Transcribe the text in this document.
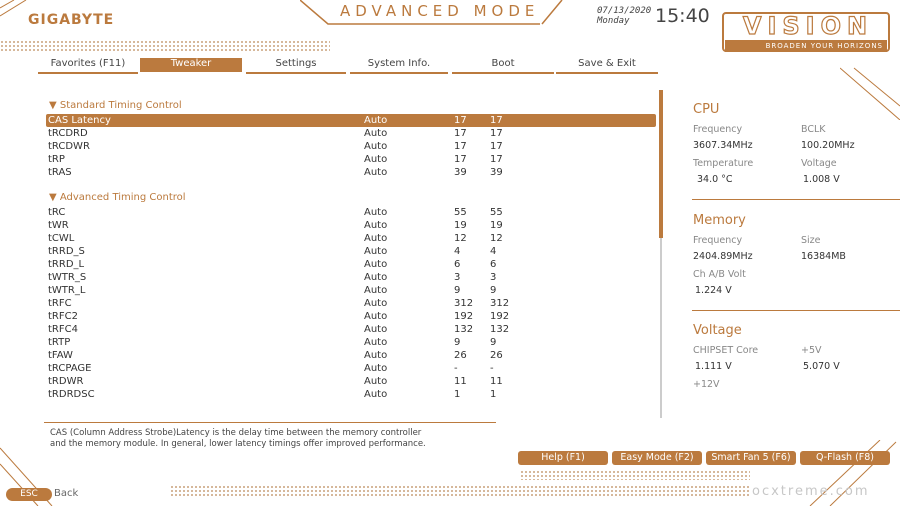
GIGABYTE	ADVANCED MODE	07/13/2020
Monday	15:40	VISION
BROADEN YOUR HORIZONS
Favorites (F11)	Tweaker	Settings	System Info.	Boot	Save & Exit
▼ Standard Timing Control
CAS Latency	Auto	17 17
tRCDRD	Auto	17 17
tRCDWR	Auto	17 17
tRP	Auto	17 17
tRAS	Auto	39 39
▼ Advanced Timing Control
tRC	Auto	55 55
tWR	Auto	19 19
tCWL	Auto	12 12
tRRD_S	Auto	4	4
tRRD_L	Auto	6	6
tWTR_S	Auto	3	3
tWTR_L	Auto	9	9
tRFC	Auto	312 312
tRFC2	Auto	192 192
tRFC4	Auto	132 132
tRTP	Auto	9	9
tFAW	Auto	26 26
tRCPAGE	Auto	-	-
tRDWR	Auto	11 11
tRDRDSC	Auto	1	1
CAS (Column Address Strobe)Latency is the delay time between the memory controller
and the memory module. In general, lower latency timings offer improved performance.
CPU
Frequency
3607.34MHz
BCLK
100.20MHz
Temperature
34.0 °C
Voltage
1.008 V
Memory
Frequency
2404.89MHz
Size
16384MB
Ch A/B Volt
1.224 V
Voltage
CHIPSET Core
1.111 V
+5V
5.070 V
+12V
Help (F1)	Easy Mode (F2)	Smart Fan 5 (F6)	Q-Flash (F8)
ESC	Back	ocxtreme.com
